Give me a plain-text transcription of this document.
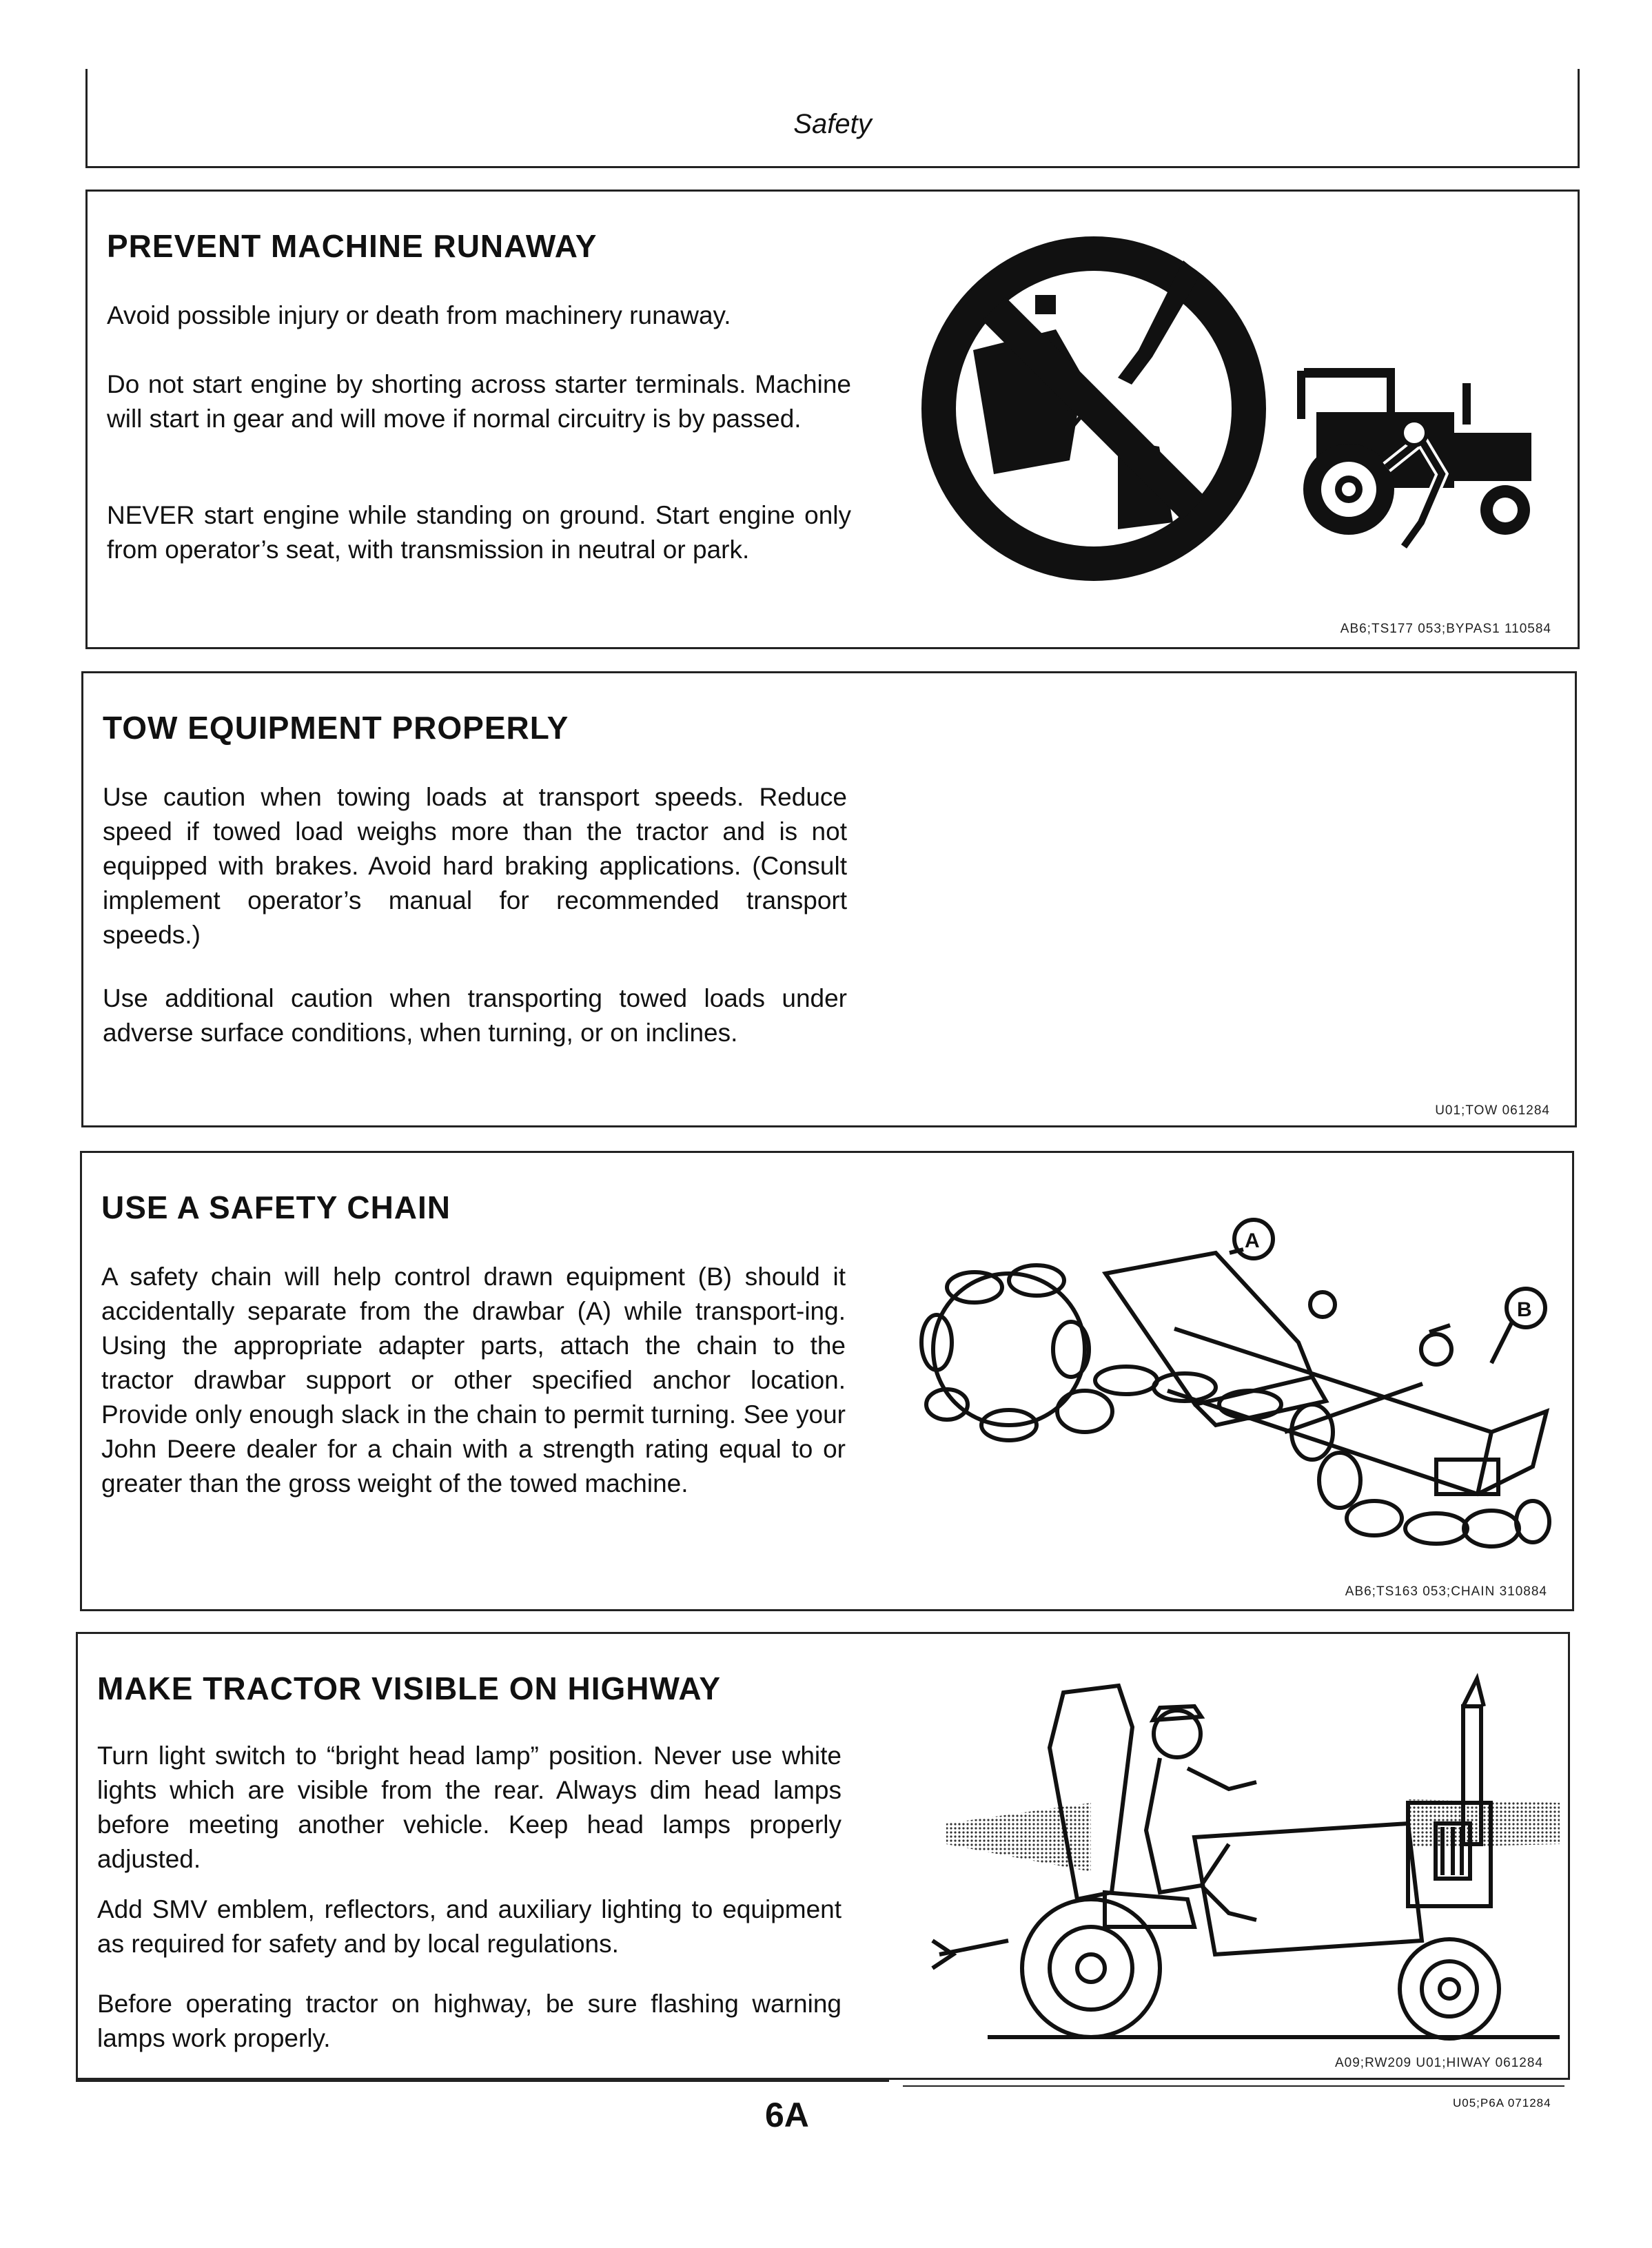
Safety
PREVENT MACHINE RUNAWAY
Avoid possible injury or death from machinery runaway.
Do not start engine by shorting across starter terminals. Machine will start in gear and will move if normal circuitry is by passed.
NEVER start engine while standing on ground. Start engine only from operator’s seat, with transmission in neutral or park.
AB6;TS177 053;BYPAS1 110584
TOW EQUIPMENT PROPERLY
Use caution when towing loads at transport speeds. Reduce speed if towed load weighs more than the tractor and is not equipped with brakes. Avoid hard braking applications. (Consult implement operator’s manual for recommended transport speeds.)
Use additional caution when transporting towed loads under adverse surface conditions, when turning, or on inclines.
U01;TOW 061284
USE A SAFETY CHAIN
A safety chain will help control drawn equipment (B) should it accidentally separate from the drawbar (A) while transport-ing. Using the appropriate adapter parts, attach the chain to the tractor drawbar support or other specified anchor location. Provide only enough slack in the chain to permit turning. See your John Deere dealer for a chain with a strength rating equal to or greater than the gross weight of the towed machine.
A
B
AB6;TS163 053;CHAIN 310884
MAKE TRACTOR VISIBLE ON HIGHWAY
Turn light switch to “bright head lamp” position. Never use white lights which are visible from the rear. Always dim head lamps before meeting another vehicle. Keep head lamps properly adjusted.
Add SMV emblem, reflectors, and auxiliary lighting to equipment as required for safety and by local regulations.
Before operating tractor on highway, be sure flashing warning lamps work properly.
A09;RW209 U01;HIWAY 061284
6A	U05;P6A 071284
